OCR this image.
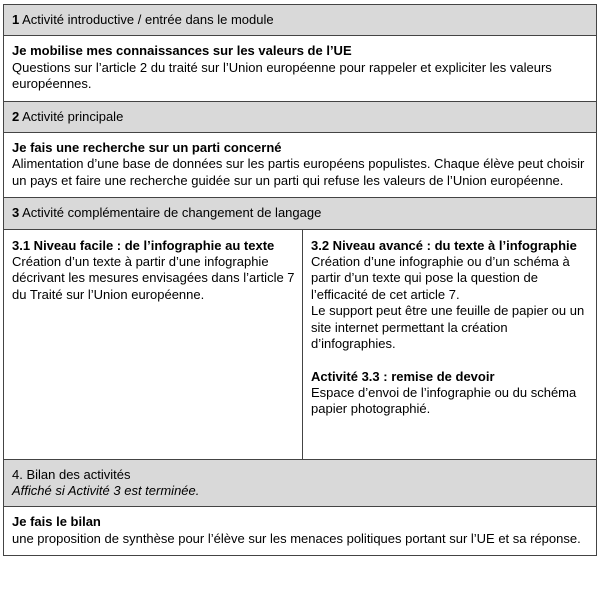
1 Activité introductive / entrée dans le module
Je mobilise mes connaissances sur les valeurs de l’UE
Questions sur l’article 2 du traité sur l’Union européenne pour rappeler et expliciter les valeurs européennes.
2 Activité principale
Je fais une recherche sur un parti concerné
Alimentation d’une base de données sur les partis européens populistes. Chaque élève peut choisir un pays et faire une recherche guidée sur un parti qui refuse les valeurs de l’Union européenne.
3 Activité complémentaire de changement de langage
3.1 Niveau facile : de l’infographie au texte
Création d’un texte à partir d’une infographie décrivant les mesures envisagées dans l’article 7 du Traité sur l’Union européenne.
3.2 Niveau avancé : du texte à l’infographie
Création d’une infographie ou d’un schéma à partir d’un texte qui pose la question de l’efficacité de cet article 7.
Le support peut être une feuille de papier ou un site internet permettant la création d’infographies.
Activité 3.3 : remise de devoir
Espace d’envoi de l’infographie ou du schéma papier photographié.
4. Bilan des activités
Affiché si Activité 3 est terminée.
Je fais le bilan
une proposition de synthèse pour l’élève sur les menaces politiques portant sur l’UE et sa réponse.
